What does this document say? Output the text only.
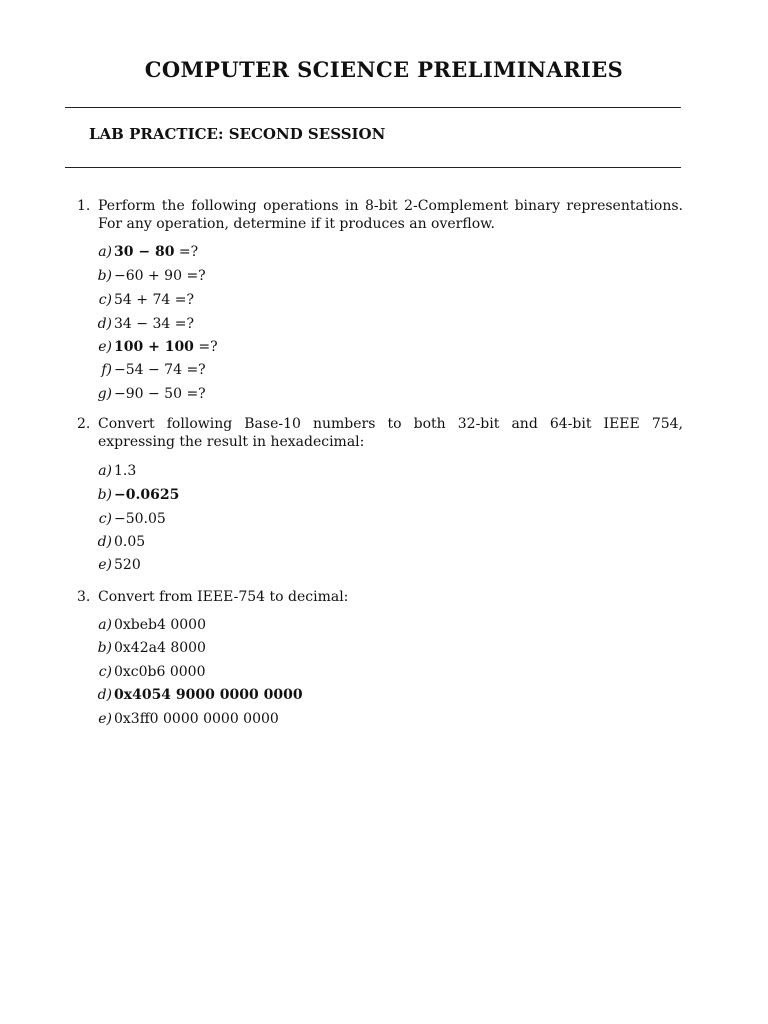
COMPUTER SCIENCE PRELIMINARIES
LAB PRACTICE: SECOND SESSION
1. Perform the following operations in 8-bit 2-Complement binary representations. For any operation, determine if it produces an overflow.
a) 30 − 80 =?
b) −60 + 90 =?
c) 54 + 74 =?
d) 34 − 34 =?
e) 100 + 100 =?
f) −54 − 74 =?
g) −90 − 50 =?
2. Convert following Base-10 numbers to both 32-bit and 64-bit IEEE 754, expressing the result in hexadecimal:
a) 1.3
b) −0.0625
c) −50.05
d) 0.05
e) 520
3. Convert from IEEE-754 to decimal:
a) 0xbeb4 0000
b) 0x42a4 8000
c) 0xc0b6 0000
d) 0x4054 9000 0000 0000
e) 0x3ff0 0000 0000 0000
